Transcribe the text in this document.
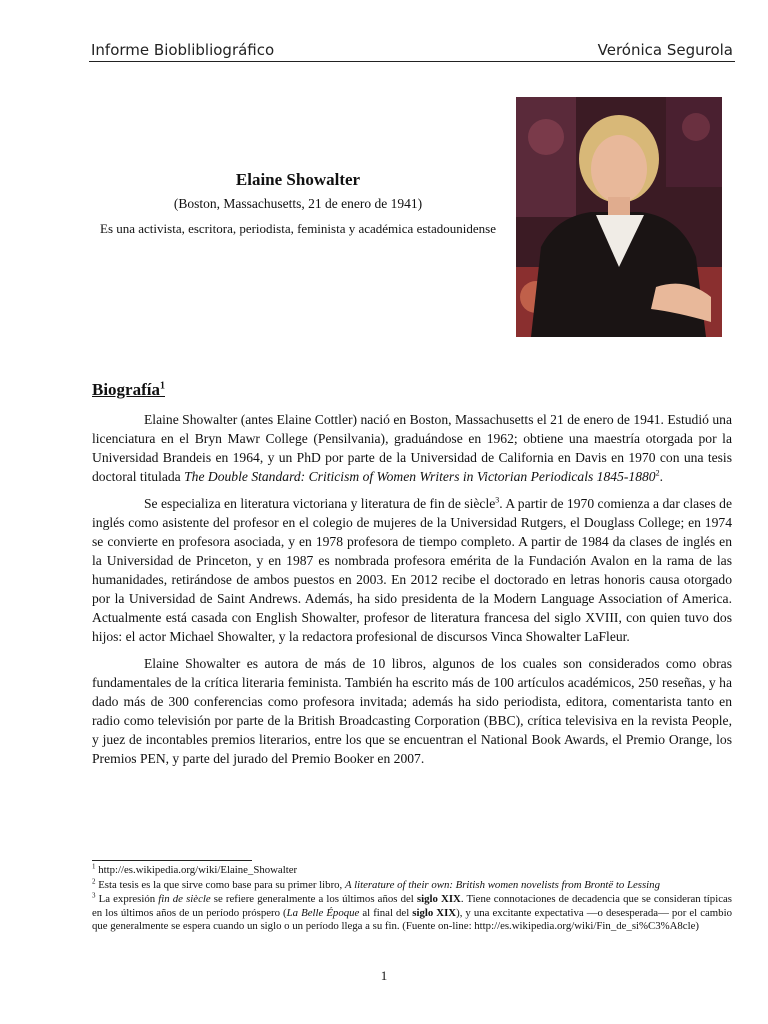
Informe Bioblibliográfico	Verónica Segurola

Elaine Showalter

(Boston, Massachusetts, 21 de enero de 1941)

Es una activista, escritora, periodista, feminista y académica estadounidense

Biografía$^1$

Elaine Showalter (antes Elaine Cottler) nació en Boston, Massachusetts el 21 de enero de 1941. Estudió una licenciatura en el Bryn Mawr College (Pensilvania), graduándose en 1962; obtiene una maestría otorgada por la Universidad Brandeis en 1964, y un PhD por parte de la Universidad de California en Davis en 1970 con una tesis doctoral titulada The Double Standard: Criticism of Women Writers in Victorian Periodicals 1845-1880$^2$.

Se especializa en literatura victoriana y literatura de fin de siècle$^3$. A partir de 1970 comienza a dar clases de inglés como asistente del profesor en el colegio de mujeres de la Universidad Rutgers, el Douglass College; en 1974 se convierte en profesora asociada, y en 1978 profesora de tiempo completo. A partir de 1984 da clases de inglés en la Universidad de Princeton, y en 1987 es nombrada profesora emérita de la Fundación Avalon en la rama de las humanidades, retirándose de ambos puestos en 2003. En 2012 recibe el doctorado en letras honoris causa otorgado por la Universidad de Saint Andrews. Además, ha sido presidenta de la Modern Language Association of America. Actualmente está casada con English Showalter, profesor de literatura francesa del siglo XVIII, con quien tuvo dos hijos: el actor Michael Showalter, y la redactora profesional de discursos Vinca Showalter LaFleur.

Elaine Showalter es autora de más de 10 libros, algunos de los cuales son considerados como obras fundamentales de la crítica literaria feminista. También ha escrito más de 100 artículos académicos, 250 reseñas, y ha dado más de 300 conferencias como profesora invitada; además ha sido periodista, editora, comentarista tanto en radio como televisión por parte de la British Broadcasting Corporation (BBC), crítica televisiva en la revista People, y juez de incontables premios literarios, entre los que se encuentran el National Book Awards, el Premio Orange, los Premios PEN, y parte del jurado del Premio Booker en 2007.

$^1$ http://es.wikipedia.org/wiki/Elaine_Showalter

$^2$ Esta tesis es la que sirve como base para su primer libro, A literature of their own: British women novelists from Brontë to Lessing

$^3$ La expresión fin de siècle se refiere generalmente a los últimos años del siglo XIX. Tiene connotaciones de decadencia que se consideran típicas en los últimos años de un período próspero (La Belle Époque al final del siglo XIX), y una excitante expectativa —o desesperada— por el cambio que generalmente se espera cuando un siglo o un período llega a su fin. (Fuente on-line: http://es.wikipedia.org/wiki/Fin_de_si%C3%A8cle)

1
